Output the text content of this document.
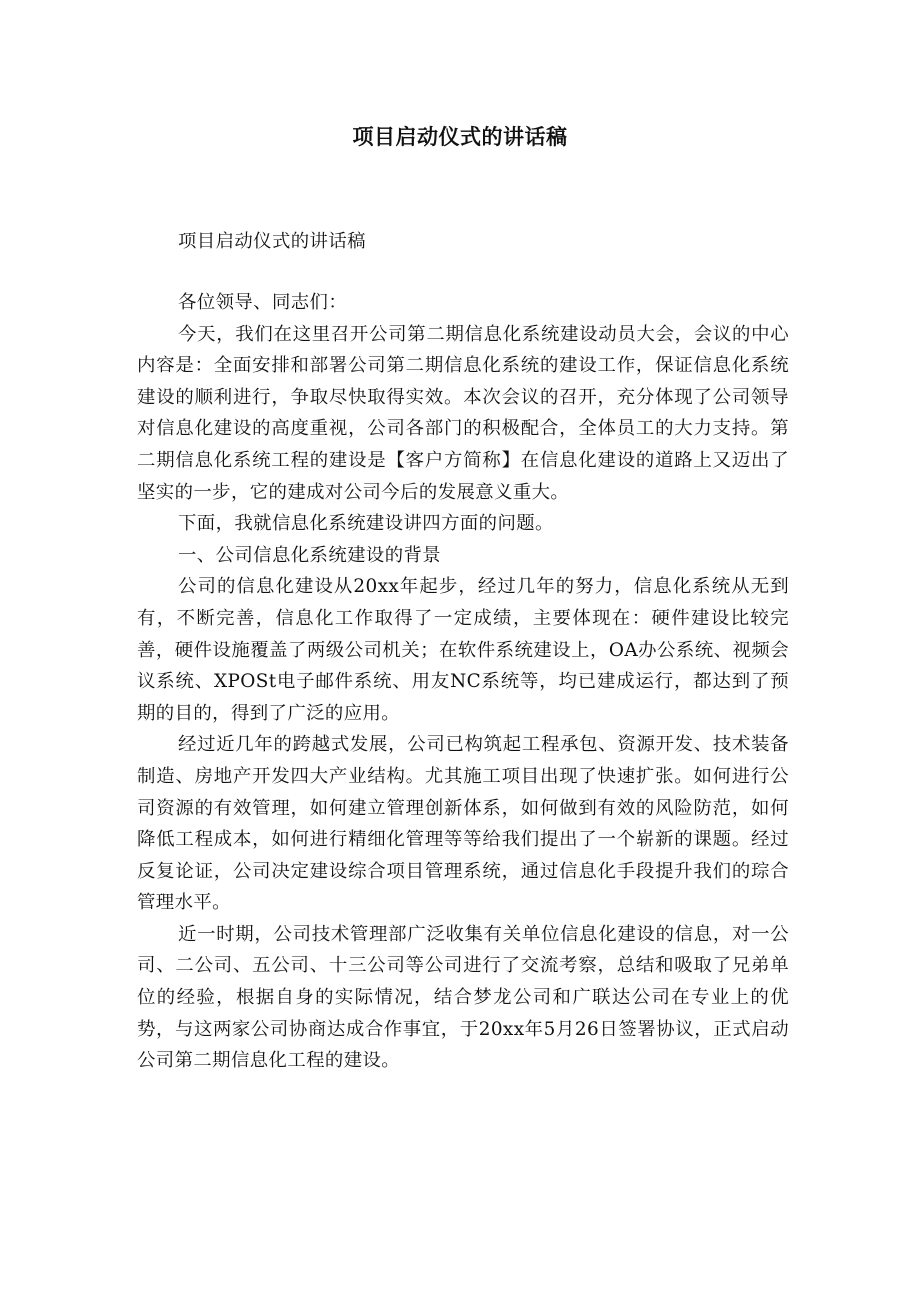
项目启动仪式的讲话稿
项目启动仪式的讲话稿

各位领导、同志们：

今天，我们在这里召开公司第二期信息化系统建设动员大会，会议的中心内容是：全面安排和部署公司第二期信息化系统的建设工作，保证信息化系统建设的顺利进行，争取尽快取得实效。本次会议的召开，充分体现了公司领导对信息化建设的高度重视，公司各部门的积极配合，全体员工的大力支持。第二期信息化系统工程的建设是【客户方简称】在信息化建设的道路上又迈出了坚实的一步，它的建成对公司今后的发展意义重大。

下面，我就信息化系统建设讲四方面的问题。

一、公司信息化系统建设的背景

公司的信息化建设从20xx年起步，经过几年的努力，信息化系统从无到有，不断完善，信息化工作取得了一定成绩，主要体现在：硬件建设比较完善，硬件设施覆盖了两级公司机关；在软件系统建设上，OA办公系统、视频会议系统、XPOSt电子邮件系统、用友NC系统等，均已建成运行，都达到了预期的目的，得到了广泛的应用。

经过近几年的跨越式发展，公司已构筑起工程承包、资源开发、技术装备制造、房地产开发四大产业结构。尤其施工项目出现了快速扩张。如何进行公司资源的有效管理，如何建立管理创新体系，如何做到有效的风险防范，如何降低工程成本，如何进行精细化管理等等给我们提出了一个崭新的课题。经过反复论证，公司决定建设综合项目管理系统，通过信息化手段提升我们的琮合管理水平。

近一时期，公司技术管理部广泛收集有关单位信息化建设的信息，对一公司、二公司、五公司、十三公司等公司进行了交流考察，总结和吸取了兄弟单位的经验，根据自身的实际情况，结合梦龙公司和广联达公司在专业上的优势，与这两家公司协商达成合作事宜，于20xx年5月26日签署协议，正式启动公司第二期信息化工程的建设。
